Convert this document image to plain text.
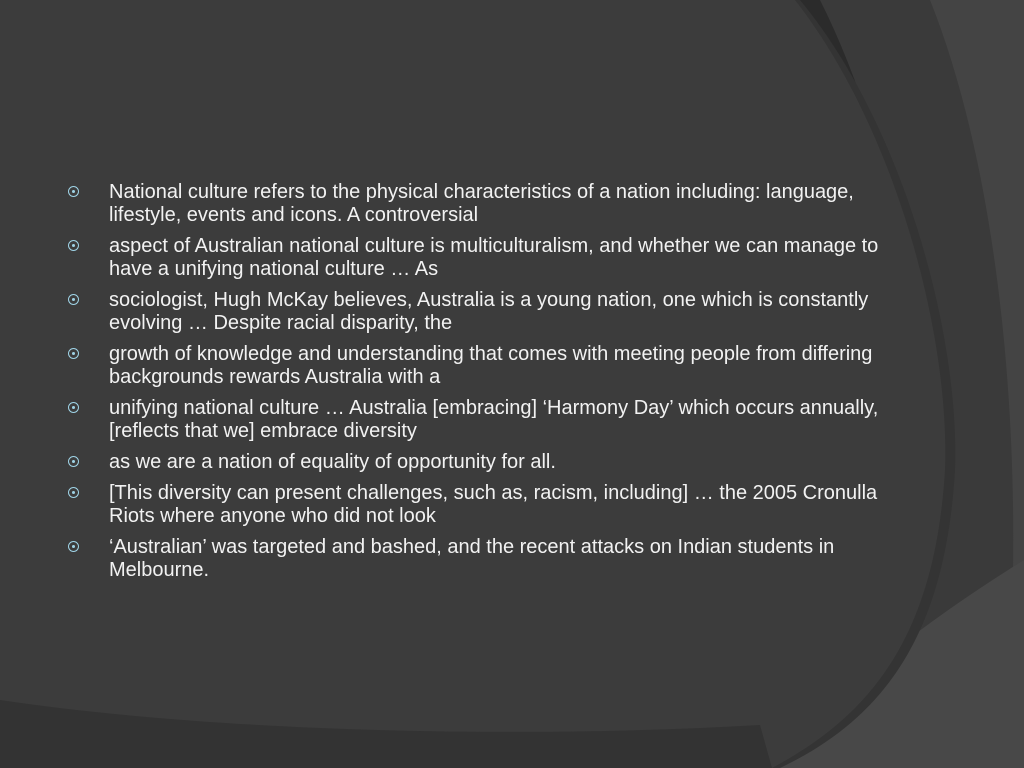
National culture refers to the physical characteristics of a nation including: language, lifestyle, events and icons. A controversial
aspect of Australian national culture is multiculturalism, and whether we can manage to have a unifying national culture … As
sociologist, Hugh McKay believes, Australia is a young nation, one which is constantly evolving … Despite racial disparity, the
growth of knowledge and understanding that comes with meeting people from differing backgrounds rewards Australia with a
unifying national culture … Australia [embracing] ‘Harmony Day’ which occurs annually, [reflects that we] embrace diversity
as we are a nation of equality of opportunity for all.
[This diversity can present challenges, such as, racism, including] … the 2005 Cronulla Riots where anyone who did not look
‘Australian’ was targeted and bashed, and the recent attacks on Indian students in Melbourne.
